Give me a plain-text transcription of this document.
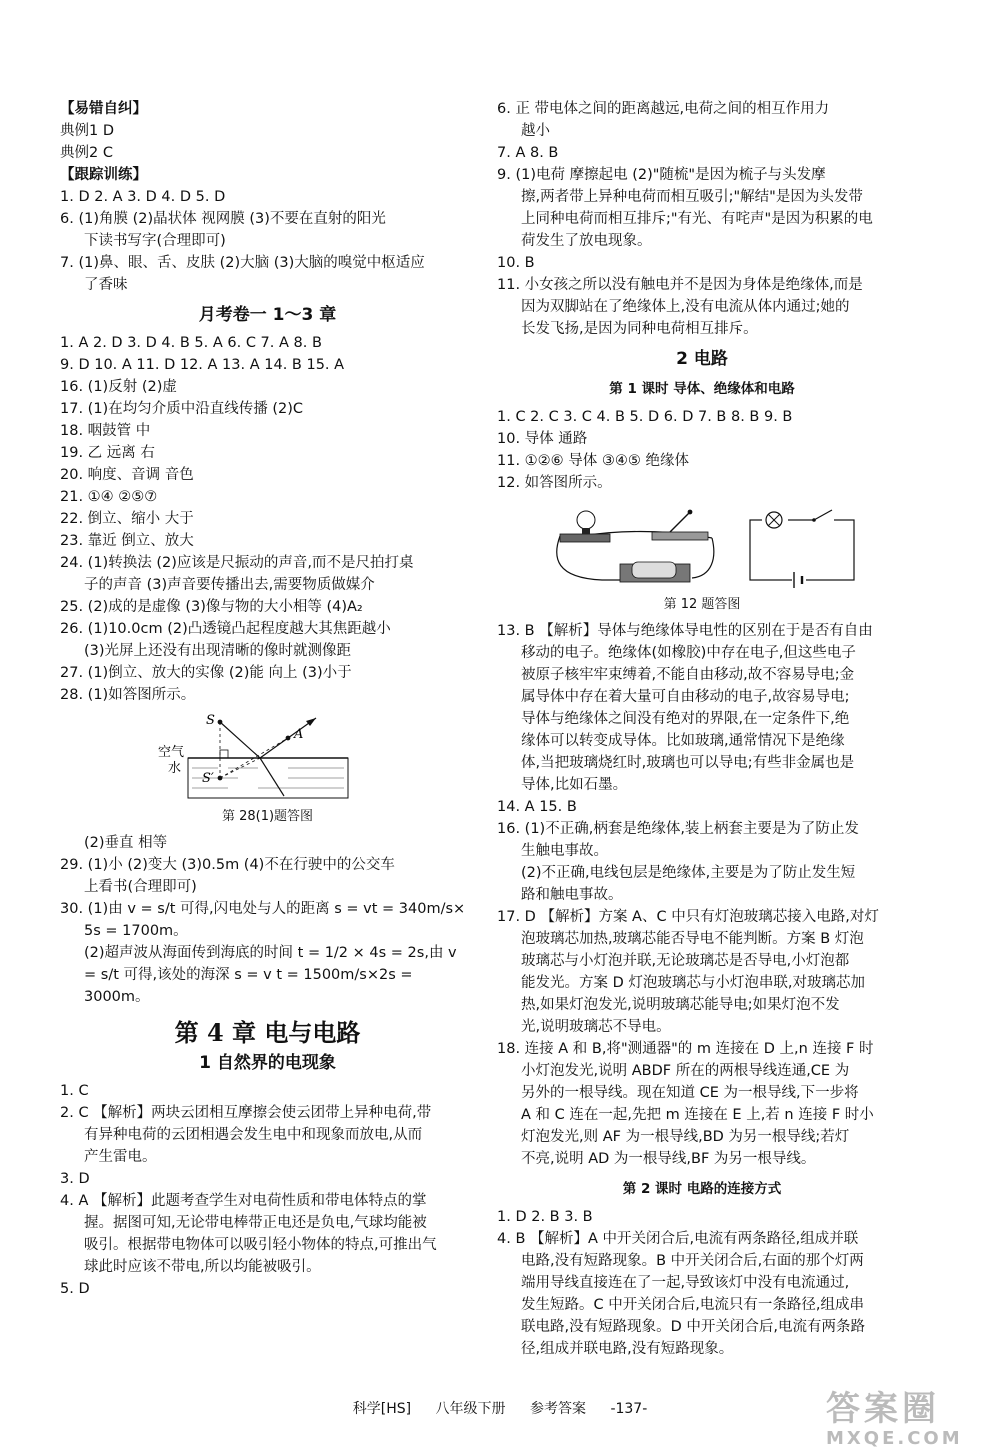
【易错自纠】
典例1 D
典例2 C
【跟踪训练】
1. D 2. A 3. D 4. D 5. D
6. (1)角膜 (2)晶状体 视网膜 (3)不要在直射的阳光
下读书写字(合理即可)
7. (1)鼻、眼、舌、皮肤 (2)大脑 (3)大脑的嗅觉中枢适应
了香味
月考卷一 1～3 章
1. A 2. D 3. D 4. B 5. A 6. C 7. A 8. B
9. D 10. A 11. D 12. A 13. A 14. B 15. A
16. (1)反射 (2)虚
17. (1)在均匀介质中沿直线传播 (2)C
18. 咽鼓管 中
19. 乙 远离 右
20. 响度、音调 音色
21. ①④ ②⑤⑦
22. 倒立、缩小 大于
23. 靠近 倒立、放大
24. (1)转换法 (2)应该是尺振动的声音,而不是尺拍打桌
子的声音 (3)声音要传播出去,需要物质做媒介
25. (2)成的是虚像 (3)像与物的大小相等 (4)A₂
26. (1)10.0cm (2)凸透镜凸起程度越大其焦距越小
(3)光屏上还没有出现清晰的像时就测像距
27. (1)倒立、放大的实像 (2)能 向上 (3)小于
28. (1)如答图所示。
S
A
S′
空气
水
第 28(1)题答图
(2)垂直 相等
29. (1)小 (2)变大 (3)0.5m (4)不在行驶中的公交车
上看书(合理即可)
30. (1)由 v = s/t 可得,闪电处与人的距离 s = vt = 340m/s×
5s = 1700m。
(2)超声波从海面传到海底的时间 t = 1/2 × 4s = 2s,由 v
= s/t 可得,该处的海深 s = v t = 1500m/s×2s = 3000m。
第 4 章 电与电路
1 自然界的电现象
1. C
2. C 【解析】两块云团相互摩擦会使云团带上异种电荷,带
有异种电荷的云团相遇会发生电中和现象而放电,从而
产生雷电。
3. D
4. A 【解析】此题考查学生对电荷性质和带电体特点的掌
握。据图可知,无论带电棒带正电还是负电,气球均能被
吸引。根据带电物体可以吸引轻小物体的特点,可推出气
球此时应该不带电,所以均能被吸引。
5. D
6. 正 带电体之间的距离越远,电荷之间的相互作用力
越小
7. A 8. B
9. (1)电荷 摩擦起电 (2)"随梳"是因为梳子与头发摩
擦,两者带上异种电荷而相互吸引;"解结"是因为头发带
上同种电荷而相互排斥;"有光、有咤声"是因为积累的电
荷发生了放电现象。
10. B
11. 小女孩之所以没有触电并不是因为身体是绝缘体,而是
因为双脚站在了绝缘体上,没有电流从体内通过;她的
长发飞扬,是因为同种电荷相互排斥。
2 电路
第 1 课时 导体、绝缘体和电路
1. C 2. C 3. C 4. B 5. D 6. D 7. B 8. B 9. B
10. 导体 通路
11. ①②⑥ 导体 ③④⑤ 绝缘体
12. 如答图所示。
第 12 题答图
13. B 【解析】导体与绝缘体导电性的区别在于是否有自由
移动的电子。绝缘体(如橡胶)中存在电子,但这些电子
被原子核牢牢束缚着,不能自由移动,故不容易导电;金
属导体中存在着大量可自由移动的电子,故容易导电;
导体与绝缘体之间没有绝对的界限,在一定条件下,绝
缘体可以转变成导体。比如玻璃,通常情况下是绝缘
体,当把玻璃烧红时,玻璃也可以导电;有些非金属也是
导体,比如石墨。
14. A 15. B
16. (1)不正确,柄套是绝缘体,装上柄套主要是为了防止发
生触电事故。
(2)不正确,电线包层是绝缘体,主要是为了防止发生短
路和触电事故。
17. D 【解析】方案 A、C 中只有灯泡玻璃芯接入电路,对灯
泡玻璃芯加热,玻璃芯能否导电不能判断。方案 B 灯泡
玻璃芯与小灯泡并联,无论玻璃芯是否导电,小灯泡都
能发光。方案 D 灯泡玻璃芯与小灯泡串联,对玻璃芯加
热,如果灯泡发光,说明玻璃芯能导电;如果灯泡不发
光,说明玻璃芯不导电。
18. 连接 A 和 B,将"测通器"的 m 连接在 D 上,n 连接 F 时
小灯泡发光,说明 ABDF 所在的两根导线连通,CE 为
另外的一根导线。现在知道 CE 为一根导线,下一步将
A 和 C 连在一起,先把 m 连接在 E 上,若 n 连接 F 时小
灯泡发光,则 AF 为一根导线,BD 为另一根导线;若灯
不亮,说明 AD 为一根导线,BF 为另一根导线。
第 2 课时 电路的连接方式
1. D 2. B 3. B
4. B 【解析】A 中开关闭合后,电流有两条路径,组成并联
电路,没有短路现象。B 中开关闭合后,右面的那个灯两
端用导线直接连在了一起,导致该灯中没有电流通过,
发生短路。C 中开关闭合后,电流只有一条路径,组成串
联电路,没有短路现象。D 中开关闭合后,电流有两条路
径,组成并联电路,没有短路现象。
科学[HS] 八年级下册 参考答案 -137-	答案圈
MXQE.COM
